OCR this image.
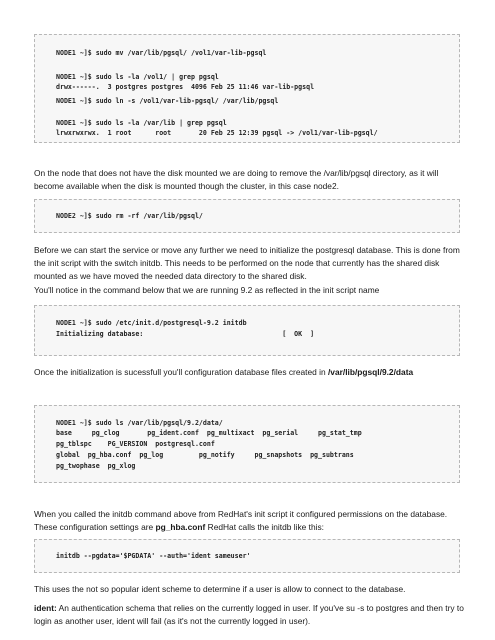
NODE1 ~]$ sudo mv /var/lib/pgsql/ /vol1/var-lib-pgsql
NODE1 ~]$ sudo ls -la /vol1/ | grep pgsql
drwx------.  3 postgres postgres  4096 Feb 25 11:46 var-lib-pgsql
NODE1 ~]$ sudo ln -s /vol1/var-lib-pgsql/ /var/lib/pgsql
NODE1 ~]$ sudo ls -la /var/lib | grep pgsql
lrwxrwxrwx.  1 root      root       20 Feb 25 12:39 pgsql -> /vol1/var-lib-pgsql/
On the node that does not have the disk mounted we are doing to remove the /var/lib/pgsql directory, as it will become available when the disk is mounted though the cluster, in this case node2.
NODE2 ~]$ sudo rm -rf /var/lib/pgsql/
Before we can start the service or move any further we need to initialize the postgresql database. This is done from the init script with the switch initdb. This needs to be performed on the node that currently has the shared disk mounted as we have moved the needed data directory to the shared disk.
You'll notice in the command below that we are running 9.2 as reflected in the init script name
NODE1 ~]$ sudo /etc/init.d/postgresql-9.2 initdb
Initializing database:                                   [  OK  ]
Once the initialization is sucessfull you'll configuration database files created in /var/lib/pgsql/9.2/data
NODE1 ~]$ sudo ls /var/lib/pgsql/9.2/data/
base     pg_clog       pg_ident.conf  pg_multixact  pg_serial     pg_stat_tmp
pg_tblspc    PG_VERSION  postgresql.conf
global  pg_hba.conf  pg_log         pg_notify     pg_snapshots  pg_subtrans
pg_twophase  pg_xlog
When you called the initdb command above from RedHat's init script it configured permissions on the database. These configuration settings are pg_hba.conf RedHat calls the initdb like this:
initdb --pgdata='$PGDATA' --auth='ident sameuser'
This uses the not so popular ident scheme to determine if a user is allow to connect to the database.
ident: An authentication schema that relies on the currently logged in user. If you've su -s to postgres and then try to login as another user, ident will fail (as it's not the currently logged in user).
